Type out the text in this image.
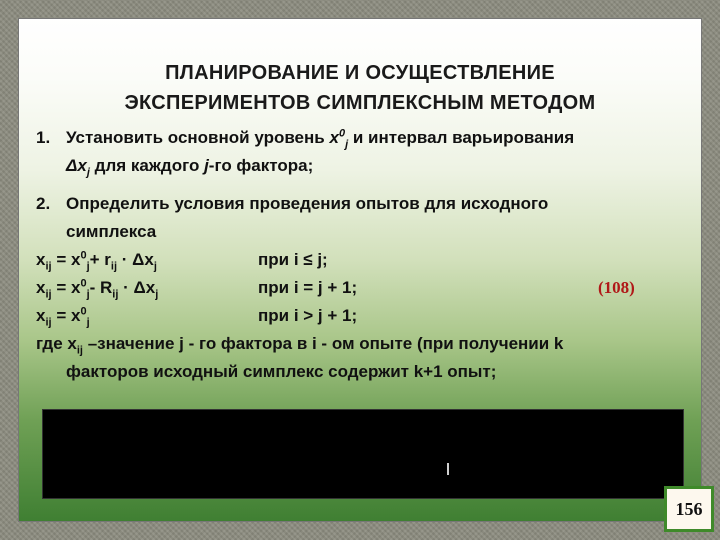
ПЛАНИРОВАНИЕ И ОСУЩЕСТВЛЕНИЕ
ЭКСПЕРИМЕНТОВ СИМПЛЕКСНЫМ МЕТОДОМ
1. Установить основной уровень $x^0_j$ и интервал варьирования
$\Delta x_j$ для каждого j-го фактора;
2. Определить условия проведения опытов для исходного
симплекса
$x_{ij} = x^0_j+ r_{ij} \cdot \Delta x_j$	при i ≤ j;
$x_{ij} = x^0_j-$ $R_{ij} \cdot \Delta x_j$	при i = j + 1;	(108)
$x_{ij} = x^0_j$	при i > j + 1;
где $x_{ij}$ –значение j - го фактора в i - ом опыте (при получении k
факторов исходный симплекс содержит k+1 опыт;
156
